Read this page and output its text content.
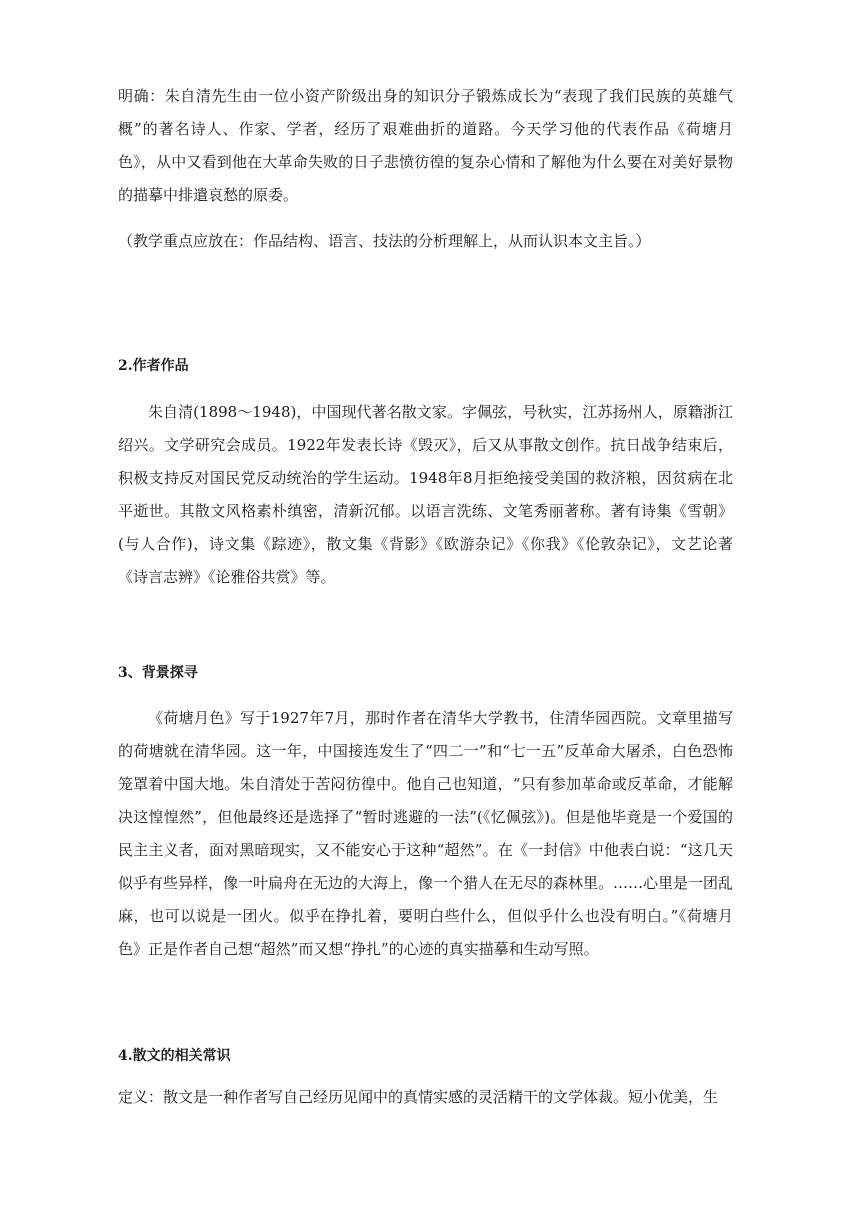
明确：朱自清先生由一位小资产阶级出身的知识分子锻炼成长为“表现了我们民族的英雄气概”的著名诗人、作家、学者，经历了艰难曲折的道路。今天学习他的代表作品《荷塘月色》，从中又看到他在大革命失败的日子悲愤彷徨的复杂心情和了解他为什么要在对美好景物的描摹中排遣哀愁的原委。

（教学重点应放在：作品结构、语言、技法的分析理解上，从而认识本文主旨。）

2.作者作品

朱自清(1898～1948)，中国现代著名散文家。字佩弦，号秋实，江苏扬州人，原籍浙江绍兴。文学研究会成员。1922年发表长诗《毁灭》，后又从事散文创作。抗日战争结束后，积极支持反对国民党反动统治的学生运动。1948年8月拒绝接受美国的救济粮，因贫病在北平逝世。其散文风格素朴缜密，清新沉郁。以语言洗练、文笔秀丽著称。著有诗集《雪朝》(与人合作)，诗文集《踪迹》，散文集《背影》《欧游杂记》《你我》《伦敦杂记》，文艺论著《诗言志辨》《论雅俗共赏》等。

3、背景探寻

《荷塘月色》写于1927年7月，那时作者在清华大学教书，住清华园西院。文章里描写的荷塘就在清华园。这一年，中国接连发生了“四二一”和“七一五”反革命大屠杀，白色恐怖笼罩着中国大地。朱自清处于苦闷彷徨中。他自己也知道，“只有参加革命或反革命，才能解决这惶惶然”，但他最终还是选择了“暂时逃避的一法”(《忆佩弦》)。但是他毕竟是一个爱国的民主主义者，面对黑暗现实，又不能安心于这种“超然”。在《一封信》中他表白说：“这几天似乎有些异样，像一叶扁舟在无边的大海上，像一个猎人在无尽的森林里。……心里是一团乱麻，也可以说是一团火。似乎在挣扎着，要明白些什么，但似乎什么也没有明白。”《荷塘月色》正是作者自己想“超然”而又想“挣扎”的心迹的真实描摹和生动写照。

4.散文的相关常识

定义：散文是一种作者写自己经历见闻中的真情实感的灵活精干的文学体裁。短小优美，生
